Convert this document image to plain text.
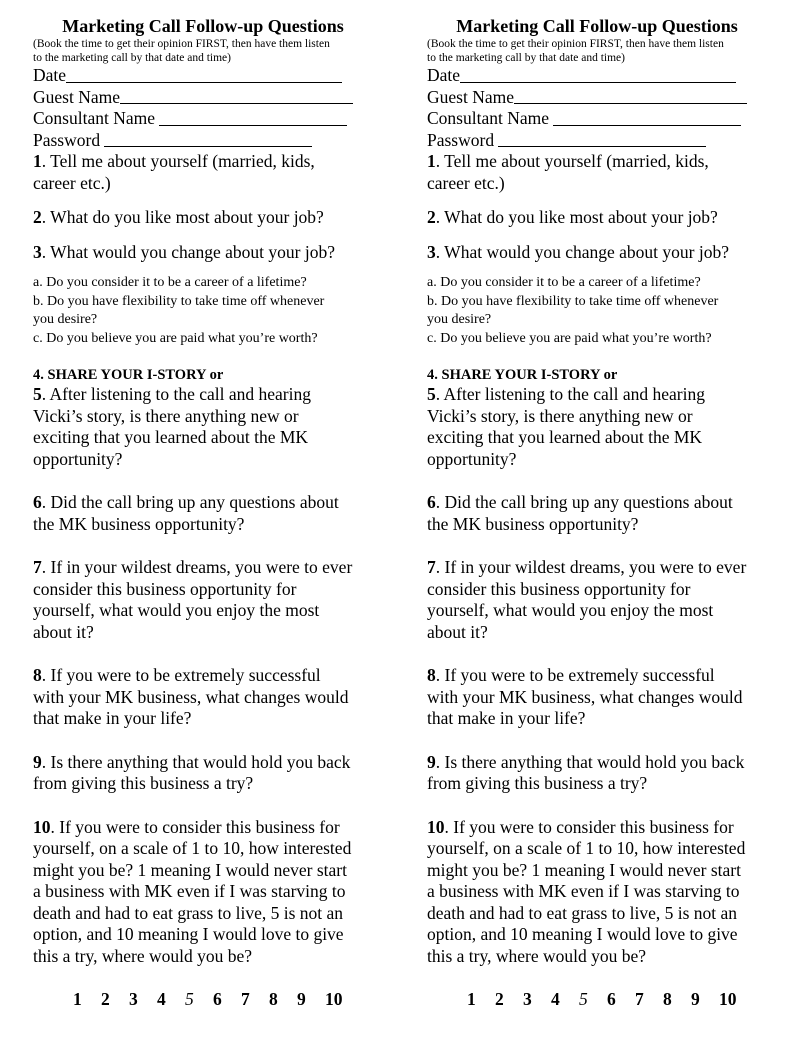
Marketing Call Follow-up Questions
(Book the time to get their opinion FIRST, then have them listen
to the marketing call by that date and time)
Date
Guest Name
Consultant Name
Password
1. Tell me about yourself (married, kids,
career etc.)
2. What do you like most about your job?
3. What would you change about your job?
a. Do you consider it to be a career of a lifetime?
b. Do you have flexibility to take time off whenever
you desire?
c. Do you believe you are paid what you’re worth?
4. SHARE YOUR I-STORY or
5. After listening to the call and hearing
Vicki’s story, is there anything new or
exciting that you learned about the MK
opportunity?
6. Did the call bring up any questions about
the MK business opportunity?
7. If in your wildest dreams, you were to ever
consider this business opportunity for
yourself, what would you enjoy the most
about it?
8. If you were to be extremely successful
with your MK business, what changes would
that make in your life?
9. Is there anything that would hold you back
from giving this business a try?
10. If you were to consider this business for
yourself, on a scale of 1 to 10, how interested
might you be? 1 meaning I would never start
a business with MK even if I was starving to
death and had to eat grass to live, 5 is not an
option, and 10 meaning I would love to give
this a try, where would you be?
1	2	3	4	5	6	7	8	9	10
Marketing Call Follow-up Questions
(Book the time to get their opinion FIRST, then have them listen
to the marketing call by that date and time)
Date
Guest Name
Consultant Name
Password
1. Tell me about yourself (married, kids,
career etc.)
2. What do you like most about your job?
3. What would you change about your job?
a. Do you consider it to be a career of a lifetime?
b. Do you have flexibility to take time off whenever
you desire?
c. Do you believe you are paid what you’re worth?
4. SHARE YOUR I-STORY or
5. After listening to the call and hearing
Vicki’s story, is there anything new or
exciting that you learned about the MK
opportunity?
6. Did the call bring up any questions about
the MK business opportunity?
7. If in your wildest dreams, you were to ever
consider this business opportunity for
yourself, what would you enjoy the most
about it?
8. If you were to be extremely successful
with your MK business, what changes would
that make in your life?
9. Is there anything that would hold you back
from giving this business a try?
10. If you were to consider this business for
yourself, on a scale of 1 to 10, how interested
might you be? 1 meaning I would never start
a business with MK even if I was starving to
death and had to eat grass to live, 5 is not an
option, and 10 meaning I would love to give
this a try, where would you be?
1	2	3	4	5	6	7	8	9	10
